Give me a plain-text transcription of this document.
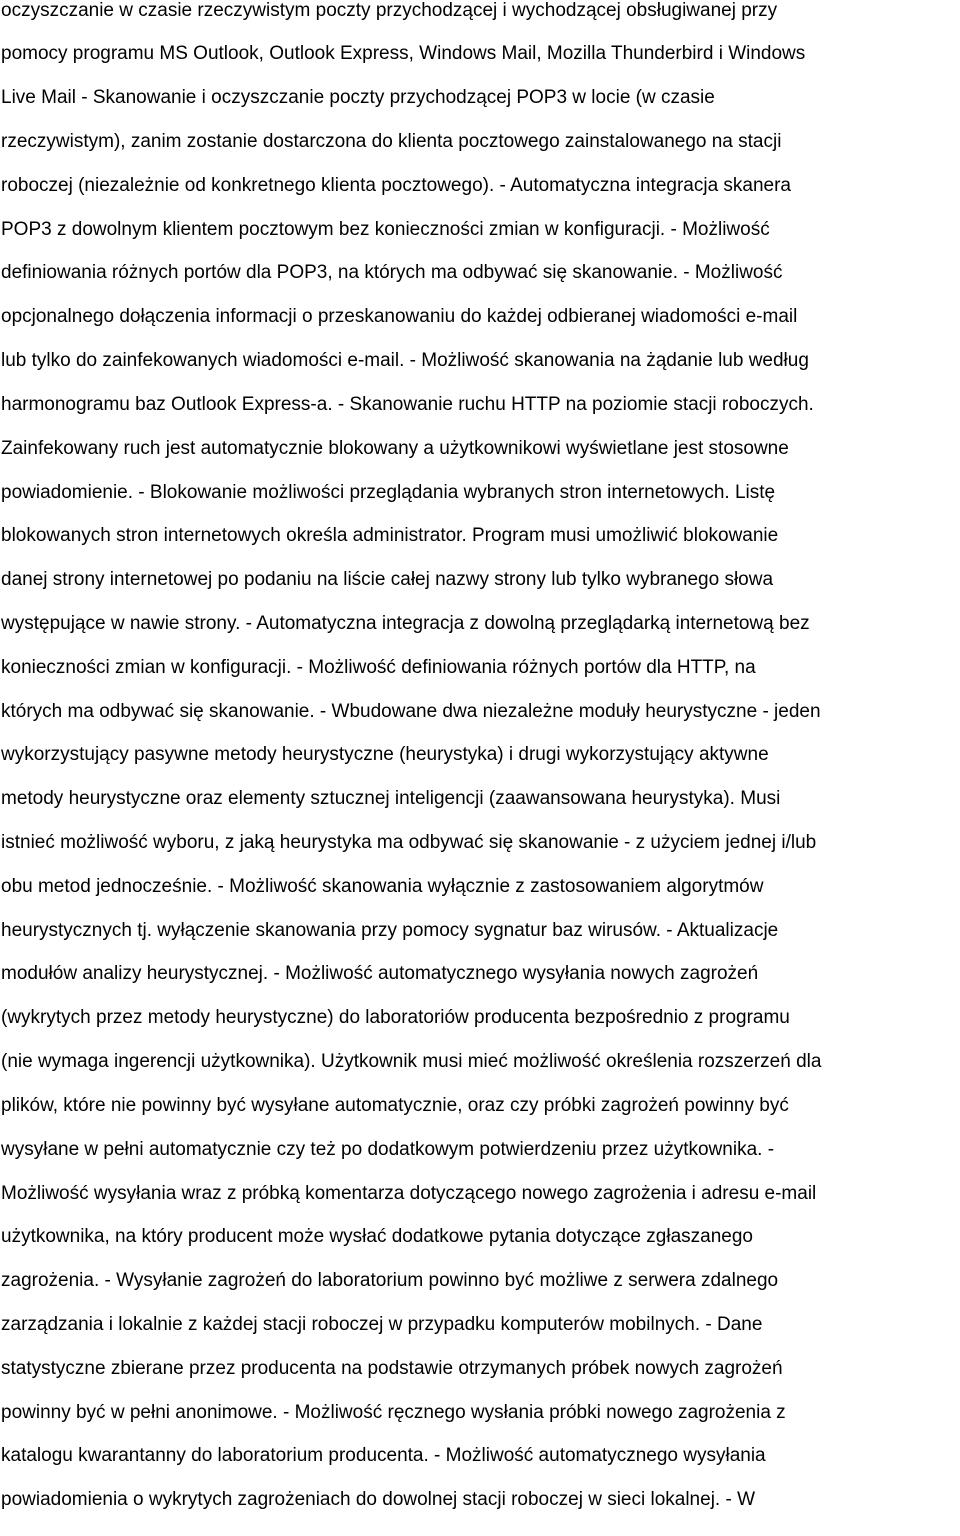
oczyszczanie w czasie rzeczywistym poczty przychodzącej i wychodzącej obsługiwanej przy
pomocy programu MS Outlook, Outlook Express, Windows Mail, Mozilla Thunderbird i Windows
Live Mail - Skanowanie i oczyszczanie poczty przychodzącej POP3 w locie (w czasie
rzeczywistym), zanim zostanie dostarczona do klienta pocztowego zainstalowanego na stacji
roboczej (niezależnie od konkretnego klienta pocztowego). - Automatyczna integracja skanera
POP3 z dowolnym klientem pocztowym bez konieczności zmian w konfiguracji. - Możliwość
definiowania różnych portów dla POP3, na których ma odbywać się skanowanie. - Możliwość
opcjonalnego dołączenia informacji o przeskanowaniu do każdej odbieranej wiadomości e-mail
lub tylko do zainfekowanych wiadomości e-mail. - Możliwość skanowania na żądanie lub według
harmonogramu baz Outlook Express-a. - Skanowanie ruchu HTTP na poziomie stacji roboczych.
Zainfekowany ruch jest automatycznie blokowany a użytkownikowi wyświetlane jest stosowne
powiadomienie. - Blokowanie możliwości przeglądania wybranych stron internetowych. Listę
blokowanych stron internetowych określa administrator. Program musi umożliwić blokowanie
danej strony internetowej po podaniu na liście całej nazwy strony lub tylko wybranego słowa
występujące w nawie strony. - Automatyczna integracja z dowolną przeglądarką internetową bez
konieczności zmian w konfiguracji. - Możliwość definiowania różnych portów dla HTTP, na
których ma odbywać się skanowanie. - Wbudowane dwa niezależne moduły heurystyczne - jeden
wykorzystujący pasywne metody heurystyczne (heurystyka) i drugi wykorzystujący aktywne
metody heurystyczne oraz elementy sztucznej inteligencji (zaawansowana heurystyka). Musi
istnieć możliwość wyboru, z jaką heurystyka ma odbywać się skanowanie - z użyciem jednej i/lub
obu metod jednocześnie. - Możliwość skanowania wyłącznie z zastosowaniem algorytmów
heurystycznych tj. wyłączenie skanowania przy pomocy sygnatur baz wirusów. - Aktualizacje
modułów analizy heurystycznej. - Możliwość automatycznego wysyłania nowych zagrożeń
(wykrytych przez metody heurystyczne) do laboratoriów producenta bezpośrednio z programu
(nie wymaga ingerencji użytkownika). Użytkownik musi mieć możliwość określenia rozszerzeń dla
plików, które nie powinny być wysyłane automatycznie, oraz czy próbki zagrożeń powinny być
wysyłane w pełni automatycznie czy też po dodatkowym potwierdzeniu przez użytkownika. -
Możliwość wysyłania wraz z próbką komentarza dotyczącego nowego zagrożenia i adresu e-mail
użytkownika, na który producent może wysłać dodatkowe pytania dotyczące zgłaszanego
zagrożenia. - Wysyłanie zagrożeń do laboratorium powinno być możliwe z serwera zdalnego
zarządzania i lokalnie z każdej stacji roboczej w przypadku komputerów mobilnych. - Dane
statystyczne zbierane przez producenta na podstawie otrzymanych próbek nowych zagrożeń
powinny być w pełni anonimowe. - Możliwość ręcznego wysłania próbki nowego zagrożenia z
katalogu kwarantanny do laboratorium producenta. - Możliwość automatycznego wysyłania
powiadomienia o wykrytych zagrożeniach do dowolnej stacji roboczej w sieci lokalnej. - W
